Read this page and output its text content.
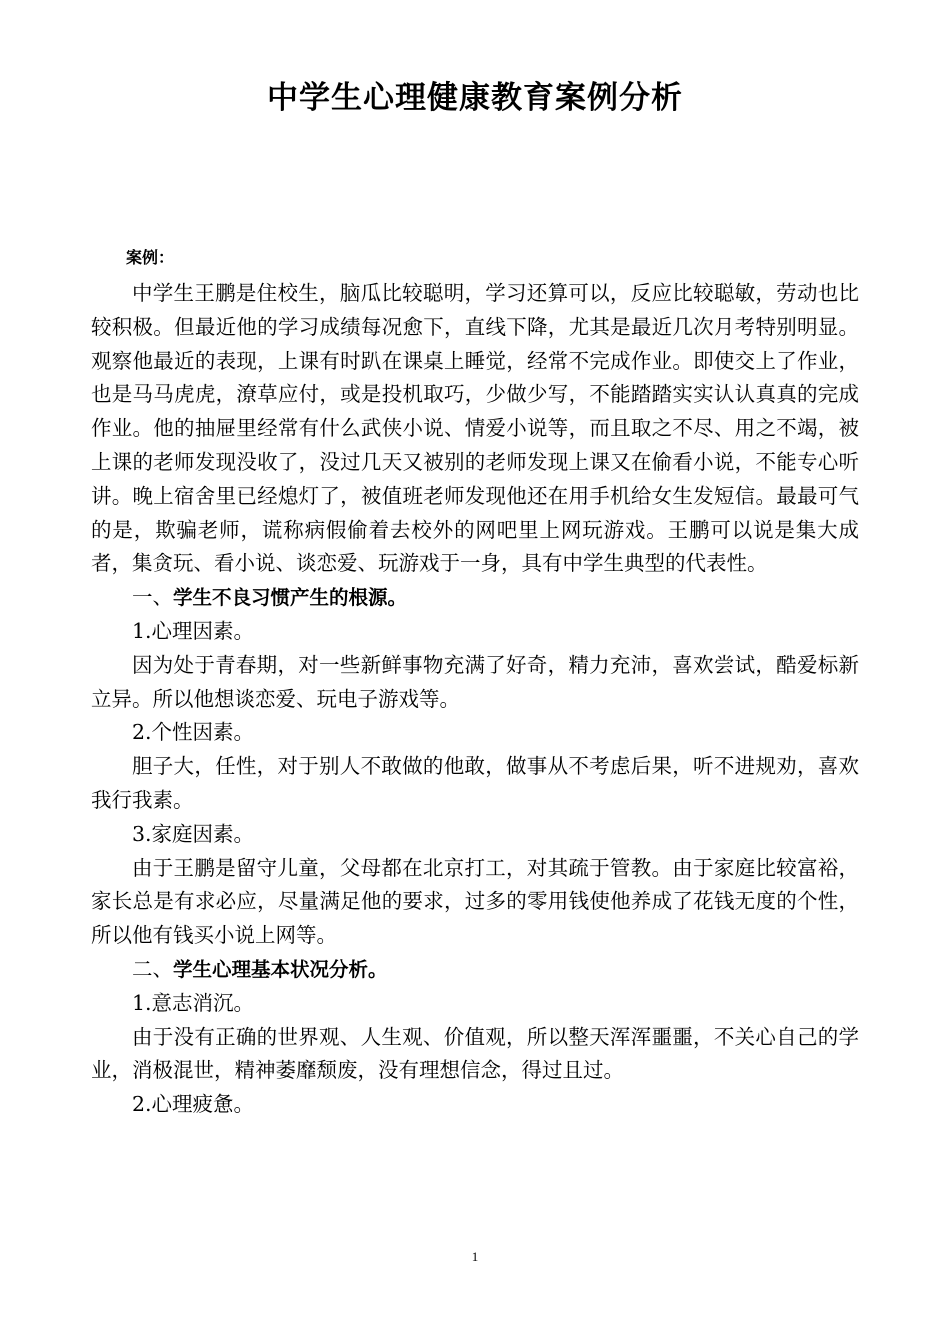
中学生心理健康教育案例分析

案例：

中学生王鹏是住校生，脑瓜比较聪明，学习还算可以，反应比较聪敏，劳动也比较积极。但最近他的学习成绩每况愈下，直线下降，尤其是最近几次月考特别明显。观察他最近的表现，上课有时趴在课桌上睡觉，经常不完成作业。即使交上了作业，也是马马虎虎，潦草应付，或是投机取巧，少做少写，不能踏踏实实认认真真的完成作业。他的抽屉里经常有什么武侠小说、情爱小说等，而且取之不尽、用之不竭，被上课的老师发现没收了，没过几天又被别的老师发现上课又在偷看小说，不能专心听讲。晚上宿舍里已经熄灯了，被值班老师发现他还在用手机给女生发短信。最最可气的是，欺骗老师，谎称病假偷着去校外的网吧里上网玩游戏。王鹏可以说是集大成者，集贪玩、看小说、谈恋爱、玩游戏于一身，具有中学生典型的代表性。

一、学生不良习惯产生的根源。

1.心理因素。

因为处于青春期，对一些新鲜事物充满了好奇，精力充沛，喜欢尝试，酷爱标新立异。所以他想谈恋爱、玩电子游戏等。

2.个性因素。

胆子大，任性，对于别人不敢做的他敢，做事从不考虑后果，听不进规劝，喜欢我行我素。

3.家庭因素。

由于王鹏是留守儿童，父母都在北京打工，对其疏于管教。由于家庭比较富裕，家长总是有求必应，尽量满足他的要求，过多的零用钱使他养成了花钱无度的个性，所以他有钱买小说上网等。

二、学生心理基本状况分析。

1.意志消沉。

由于没有正确的世界观、人生观、价值观，所以整天浑浑噩噩，不关心自己的学业，消极混世，精神萎靡颓废，没有理想信念，得过且过。

2.心理疲惫。

1
